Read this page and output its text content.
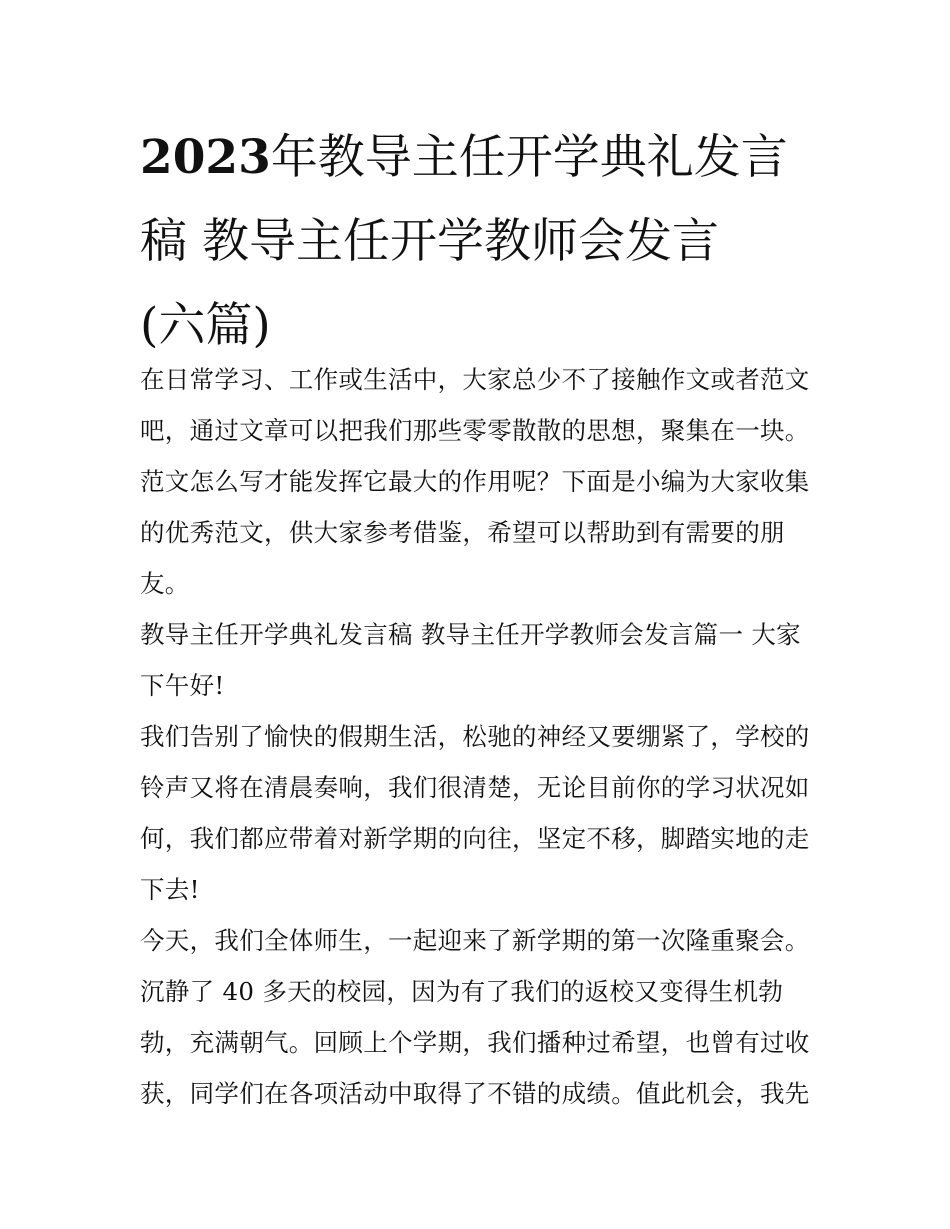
2023年教导主任开学典礼发言
稿 教导主任开学教师会发言
(六篇)

在日常学习、工作或生活中，大家总少不了接触作文或者范文
吧，通过文章可以把我们那些零零散散的思想，聚集在一块。
范文怎么写才能发挥它最大的作用呢？下面是小编为大家收集
的优秀范文，供大家参考借鉴，希望可以帮助到有需要的朋
友。

教导主任开学典礼发言稿 教导主任开学教师会发言篇一 大家
下午好!

我们告别了愉快的假期生活，松驰的神经又要绷紧了，学校的
铃声又将在清晨奏响，我们很清楚，无论目前你的学习状况如
何，我们都应带着对新学期的向往，坚定不移，脚踏实地的走
下去!

今天，我们全体师生，一起迎来了新学期的第一次隆重聚会。
沉静了 40 多天的校园，因为有了我们的返校又变得生机勃
勃，充满朝气。回顾上个学期，我们播种过希望，也曾有过收
获，同学们在各项活动中取得了不错的成绩。值此机会，我先
